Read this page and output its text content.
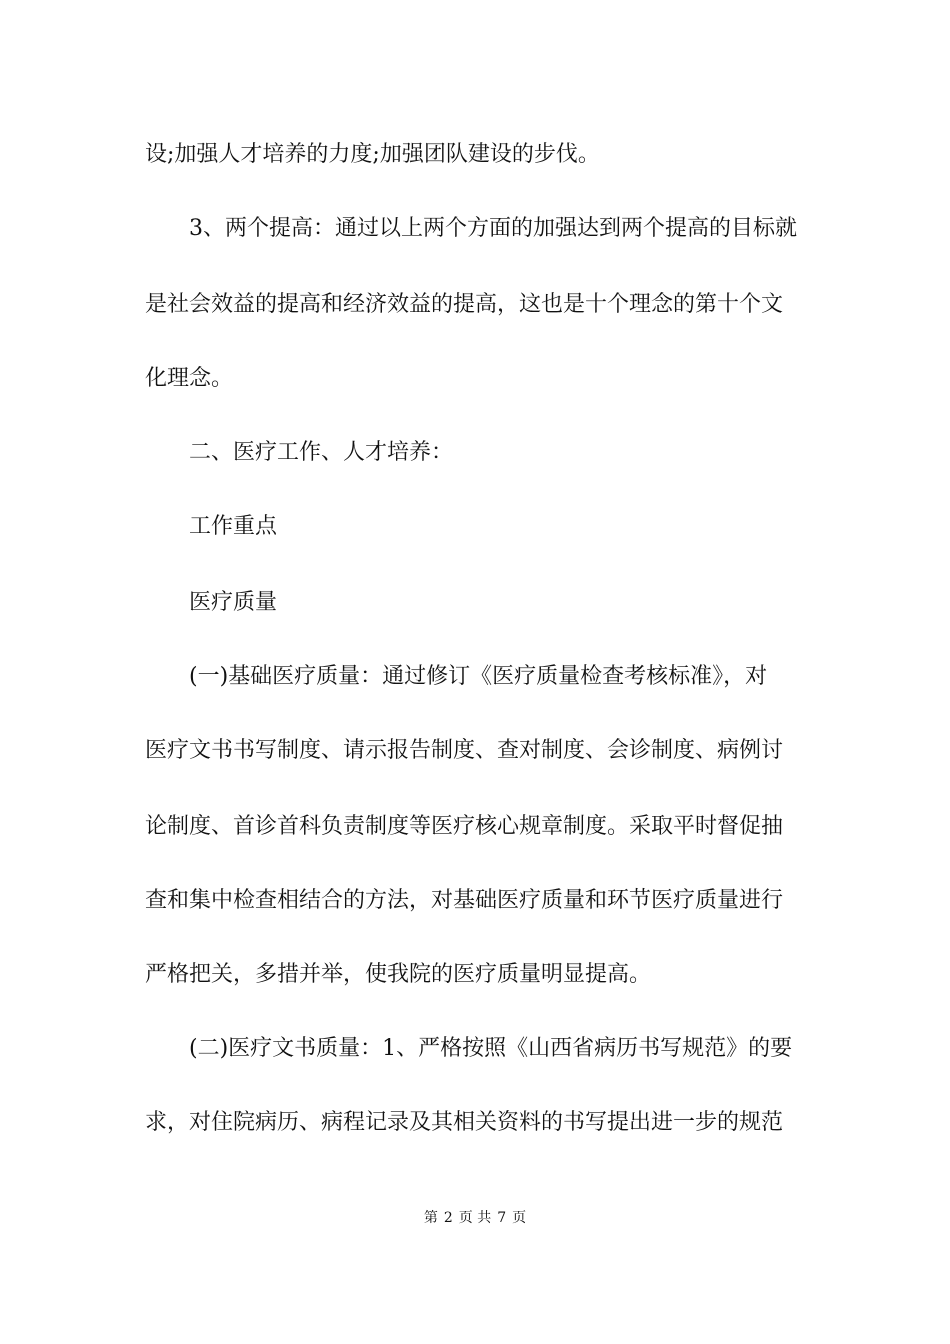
设;加强人才培养的力度;加强团队建设的步伐。
3、两个提高：通过以上两个方面的加强达到两个提高的目标就
是社会效益的提高和经济效益的提高，这也是十个理念的第十个文
化理念。
二、医疗工作、人才培养：
工作重点
医疗质量
(一)基础医疗质量：通过修订《医疗质量检查考核标准》，对
医疗文书书写制度、请示报告制度、查对制度、会诊制度、病例讨
论制度、首诊首科负责制度等医疗核心规章制度。采取平时督促抽
查和集中检查相结合的方法，对基础医疗质量和环节医疗质量进行
严格把关，多措并举，使我院的医疗质量明显提高。
(二)医疗文书质量：1、严格按照《山西省病历书写规范》的要
求，对住院病历、病程记录及其相关资料的书写提出进一步的规范
第 2 页 共 7 页
